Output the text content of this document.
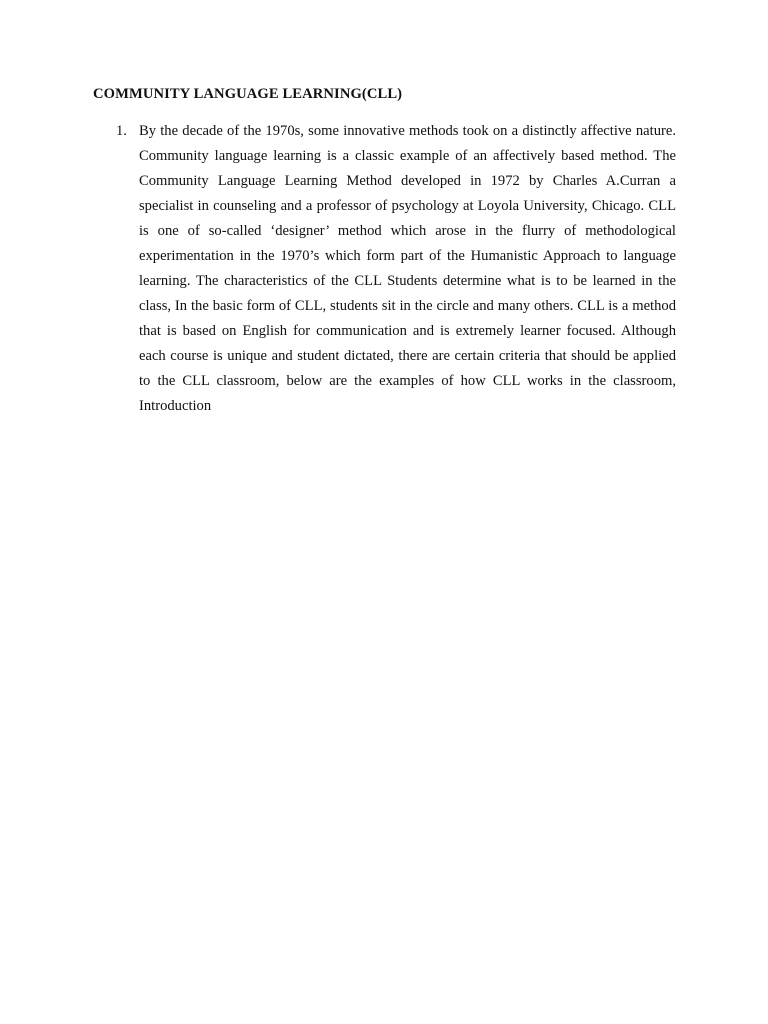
COMMUNITY LANGUAGE LEARNING(CLL)
1. By the decade of the 1970s, some innovative methods took on a distinctly affective nature. Community language learning is a classic example of an affectively based method. The Community Language Learning Method developed in 1972 by Charles A.Curran a specialist in counseling and a professor of psychology at Loyola University, Chicago. CLL is one of so-called ‘designer’ method which arose in the flurry of methodological experimentation in the 1970’s which form part of the Humanistic Approach to language learning. The characteristics of the CLL Students determine what is to be learned in the class, In the basic form of CLL, students sit in the circle and many others. CLL is a method that is based on English for communication and is extremely learner focused. Although each course is unique and student dictated, there are certain criteria that should be applied to the CLL classroom, below are the examples of how CLL works in the classroom, Introduction
